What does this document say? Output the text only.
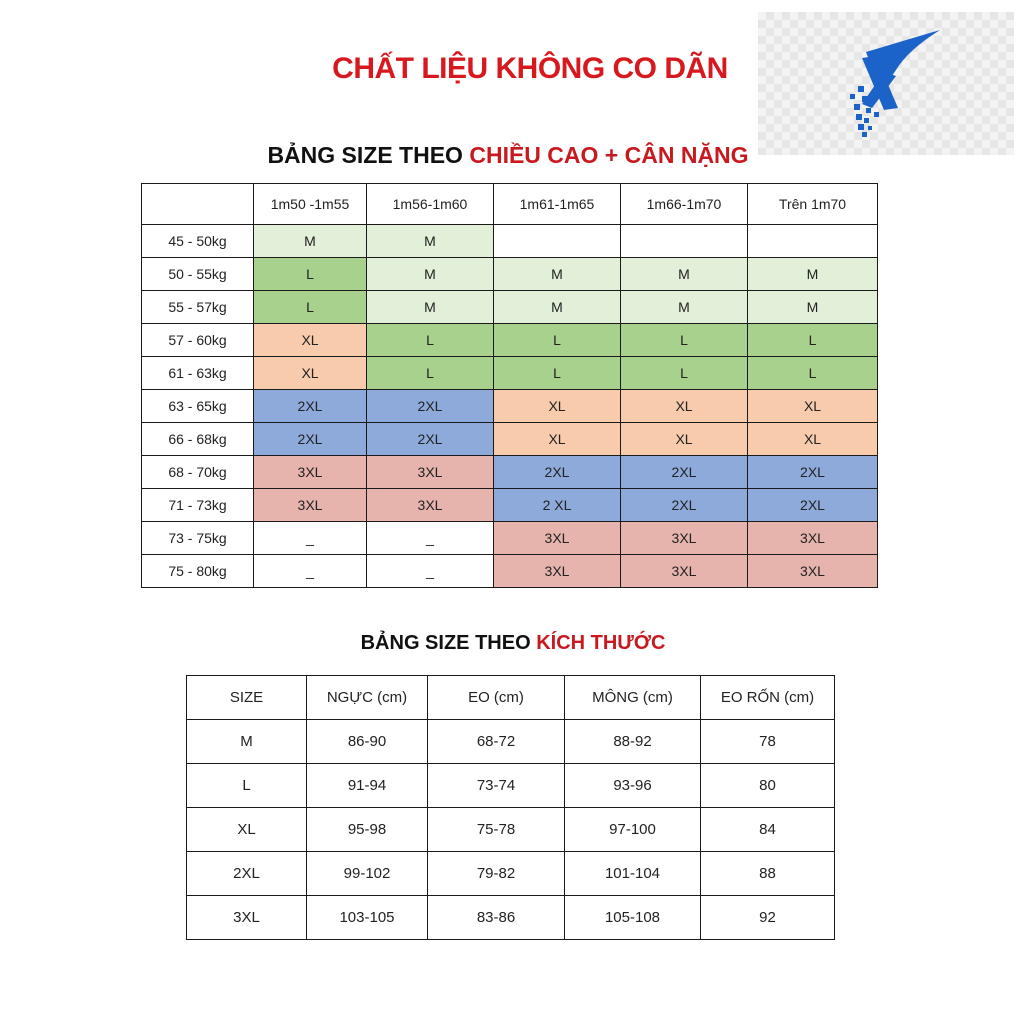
CHẤT LIỆU KHÔNG CO DÃN
BẢNG SIZE THEO CHIỀU CAO + CÂN NẶNG
	1m50 -1m55	1m56-1m60	1m61-1m65	1m66-1m70	Trên 1m70
45 - 50kg	M	M			
50 - 55kg	L	M	M	M	M
55 - 57kg	L	M	M	M	M
57 - 60kg	XL	L	L	L	L
61 - 63kg	XL	L	L	L	L
63 - 65kg	2XL	2XL	XL	XL	XL
66 - 68kg	2XL	2XL	XL	XL	XL
68 - 70kg	3XL	3XL	2XL	2XL	2XL
71 - 73kg	3XL	3XL	2 XL	2XL	2XL
73 - 75kg	_	_	3XL	3XL	3XL
75 - 80kg	_	_	3XL	3XL	3XL
BẢNG SIZE THEO KÍCH THƯỚC
SIZE	NGỰC (cm)	EO (cm)	MÔNG (cm)	EO RỐN (cm)
M	86-90	68-72	88-92	78
L	91-94	73-74	93-96	80
XL	95-98	75-78	97-100	84
2XL	99-102	79-82	101-104	88
3XL	103-105	83-86	105-108	92
